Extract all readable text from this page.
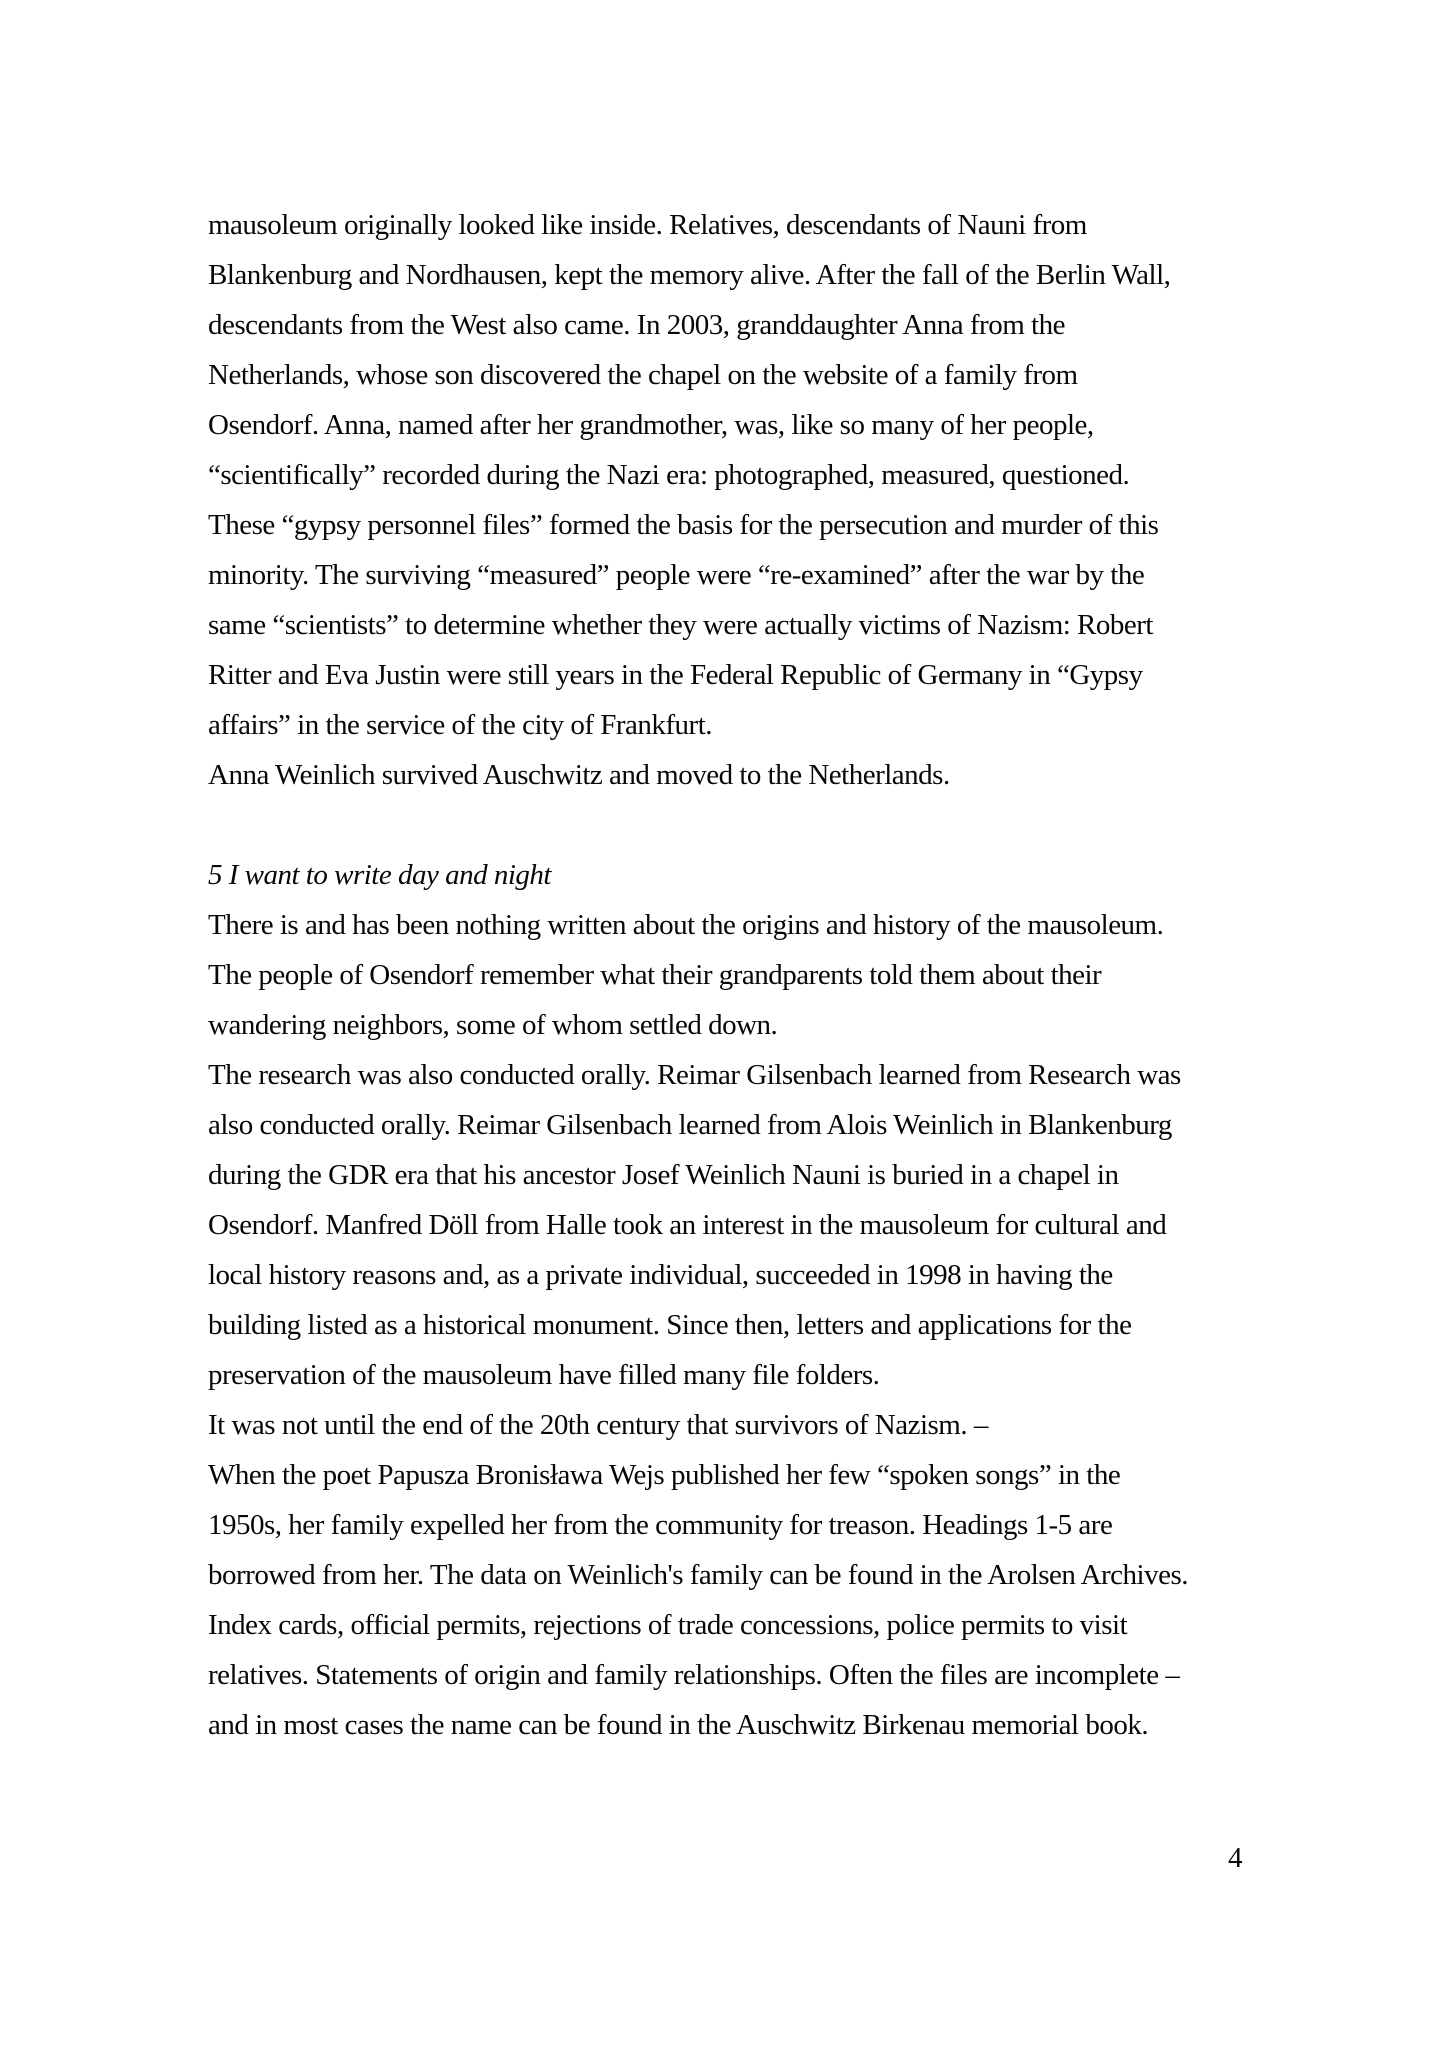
mausoleum originally looked like inside. Relatives, descendants of Nauni from
Blankenburg and Nordhausen, kept the memory alive. After the fall of the Berlin Wall,
descendants from the West also came. In 2003, granddaughter Anna from the
Netherlands, whose son discovered the chapel on the website of a family from
Osendorf. Anna, named after her grandmother, was, like so many of her people,
“scientifically” recorded during the Nazi era: photographed, measured, questioned.
These “gypsy personnel files” formed the basis for the persecution and murder of this
minority. The surviving “measured” people were “re-examined” after the war by the
same “scientists” to determine whether they were actually victims of Nazism: Robert
Ritter and Eva Justin were still years in the Federal Republic of Germany in “Gypsy
affairs” in the service of the city of Frankfurt.
Anna Weinlich survived Auschwitz and moved to the Netherlands.
5 I want to write day and night
There is and has been nothing written about the origins and history of the mausoleum.
The people of Osendorf remember what their grandparents told them about their
wandering neighbors, some of whom settled down.
The research was also conducted orally. Reimar Gilsenbach learned from Research was
also conducted orally. Reimar Gilsenbach learned from Alois Weinlich in Blankenburg
during the GDR era that his ancestor Josef Weinlich Nauni is buried in a chapel in
Osendorf. Manfred Döll from Halle took an interest in the mausoleum for cultural and
local history reasons and, as a private individual, succeeded in 1998 in having the
building listed as a historical monument. Since then, letters and applications for the
preservation of the mausoleum have filled many file folders.
It was not until the end of the 20th century that survivors of Nazism. –
When the poet Papusza Bronisława Wejs published her few “spoken songs” in the
1950s, her family expelled her from the community for treason. Headings 1-5 are
borrowed from her. The data on Weinlich's family can be found in the Arolsen Archives.
Index cards, official permits, rejections of trade concessions, police permits to visit
relatives. Statements of origin and family relationships. Often the files are incomplete –
and in most cases the name can be found in the Auschwitz Birkenau memorial book.
4
